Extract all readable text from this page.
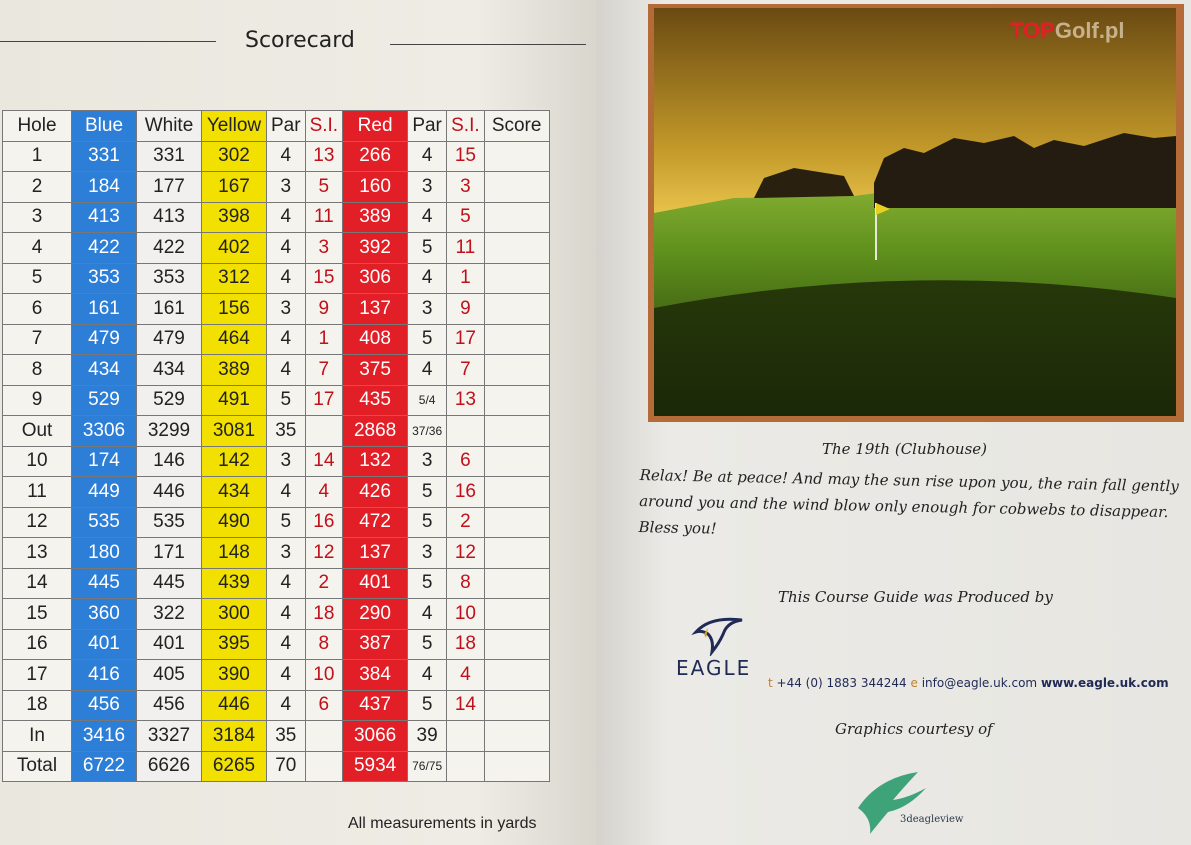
Scorecard
Hole	Blue	White	Yellow	Par	S.I.	Red	Par	S.I.	Score
1	331	331	302	4	13	266	4	15	
2	184	177	167	3	5	160	3	3	
3	413	413	398	4	11	389	4	5	
4	422	422	402	4	3	392	5	11	
5	353	353	312	4	15	306	4	1	
6	161	161	156	3	9	137	3	9	
7	479	479	464	4	1	408	5	17	
8	434	434	389	4	7	375	4	7	
9	529	529	491	5	17	435	5/4	13	
Out	3306	3299	3081	35		2868	37/36		
10	174	146	142	3	14	132	3	6	
11	449	446	434	4	4	426	5	16	
12	535	535	490	5	16	472	5	2	
13	180	171	148	3	12	137	3	12	
14	445	445	439	4	2	401	5	8	
15	360	322	300	4	18	290	4	10	
16	401	401	395	4	8	387	5	18	
17	416	405	390	4	10	384	4	4	
18	456	456	446	4	6	437	5	14	
In	3416	3327	3184	35		3066	39		
Total	6722	6626	6265	70		5934	76/75		
All measurements in yards
TOPGolf.pl
The 19th (Clubhouse)
Relax! Be at peace! And may the sun rise upon you, the rain fall gently
around you and the wind blow only enough for cobwebs to disappear.
Bless you!
This Course Guide was Produced by
EAGLE
t +44 (0) 1883 344244 e info@eagle.uk.com www.eagle.uk.com
Graphics courtesy of
3deagleview
